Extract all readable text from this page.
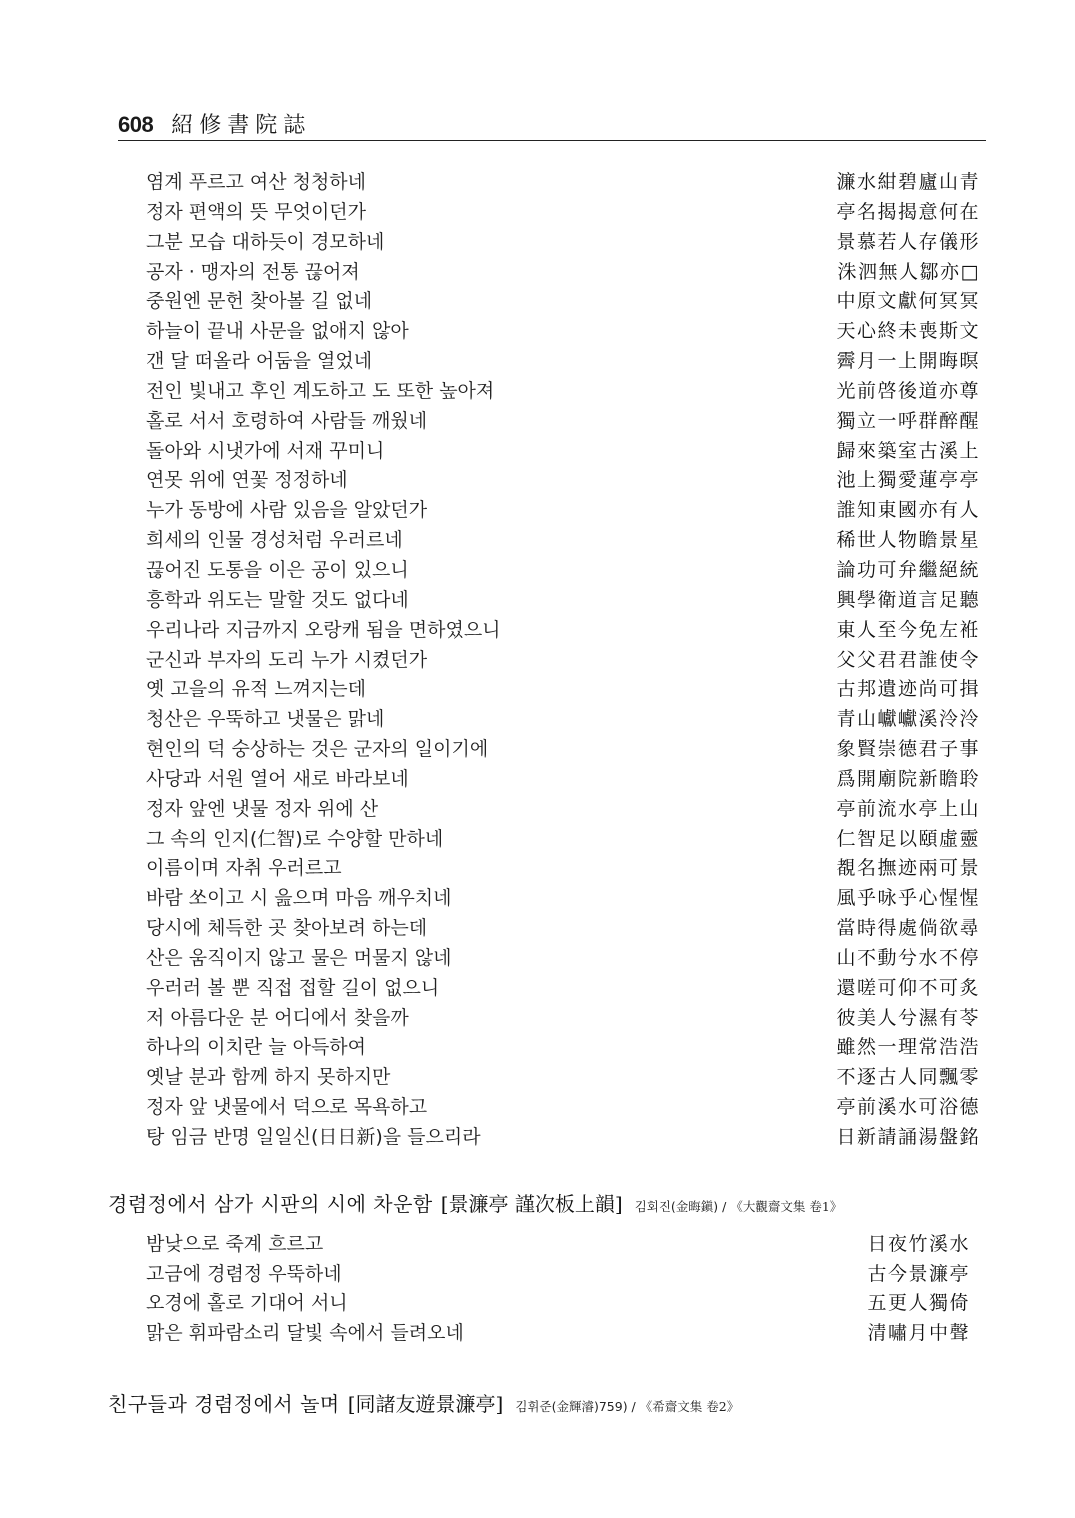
608 紹修書院誌
염계 푸르고 여산 청청하네	濂水紺碧廬山青
정자 편액의 뜻 무엇이던가	亭名揭揭意何在
그분 모습 대하듯이 경모하네	景慕若人存儀形
공자 · 맹자의 전통 끊어져	洙泗無人鄒亦□
중원엔 문헌 찾아볼 길 없네	中原文獻何冥冥
하늘이 끝내 사문을 없애지 않아	天心終未喪斯文
갠 달 떠올라 어둠을 열었네	霽月一上開晦暝
전인 빛내고 후인 계도하고 도 또한 높아져	光前啓後道亦尊
홀로 서서 호령하여 사람들 깨웠네	獨立一呼群醉醒
돌아와 시냇가에 서재 꾸미니	歸來築室古溪上
연못 위에 연꽃 정정하네	池上獨愛蓮亭亭
누가 동방에 사람 있음을 알았던가	誰知東國亦有人
희세의 인물 경성처럼 우러르네	稀世人物瞻景星
끊어진 도통을 이은 공이 있으니	論功可弁繼絕統
흥학과 위도는 말할 것도 없다네	興學衛道言足聽
우리나라 지금까지 오랑캐 됨을 면하였으니	東人至今免左袵
군신과 부자의 도리 누가 시켰던가	父父君君誰使令
옛 고을의 유적 느껴지는데	古邦遺迹尚可揖
청산은 우뚝하고 냇물은 맑네	青山巘巘溪泠泠
현인의 덕 숭상하는 것은 군자의 일이기에	象賢崇德君子事
사당과 서원 열어 새로 바라보네	爲開廟院新瞻聆
정자 앞엔 냇물 정자 위에 산	亭前流水亭上山
그 속의 인지(仁智)로 수양할 만하네	仁智足以頤虛靈
이름이며 자취 우러르고	覩名撫迹兩可景
바람 쏘이고 시 읊으며 마음 깨우치네	風乎咏乎心惺惺
당시에 체득한 곳 찾아보려 하는데	當時得處倘欲尋
산은 움직이지 않고 물은 머물지 않네	山不動兮水不停
우러러 볼 뿐 직접 접할 길이 없으니	還嗟可仰不可炙
저 아름다운 분 어디에서 찾을까	彼美人兮濕有苓
하나의 이치란 늘 아득하여	雖然一理常浩浩
옛날 분과 함께 하지 못하지만	不逐古人同飄零
정자 앞 냇물에서 덕으로 목욕하고	亭前溪水可浴德
탕 임금 반명 일일신(日日新)을 들으리라	日新請誦湯盤銘
경렴정에서 삼가 시판의 시에 차운함 [景濂亭 謹次板上韻] 김회진(金晦鎭) / 《大觀齋文集 卷1》
밤낮으로 죽계 흐르고	日夜竹溪水
고금에 경렴정 우뚝하네	古今景濂亭
오경에 홀로 기대어 서니	五更人獨倚
맑은 휘파람소리 달빛 속에서 들려오네	清嘯月中聲
친구들과 경렴정에서 놀며 [同諸友遊景濂亭] 김휘준(金輝濬)759) / 《希齋文集 卷2》
